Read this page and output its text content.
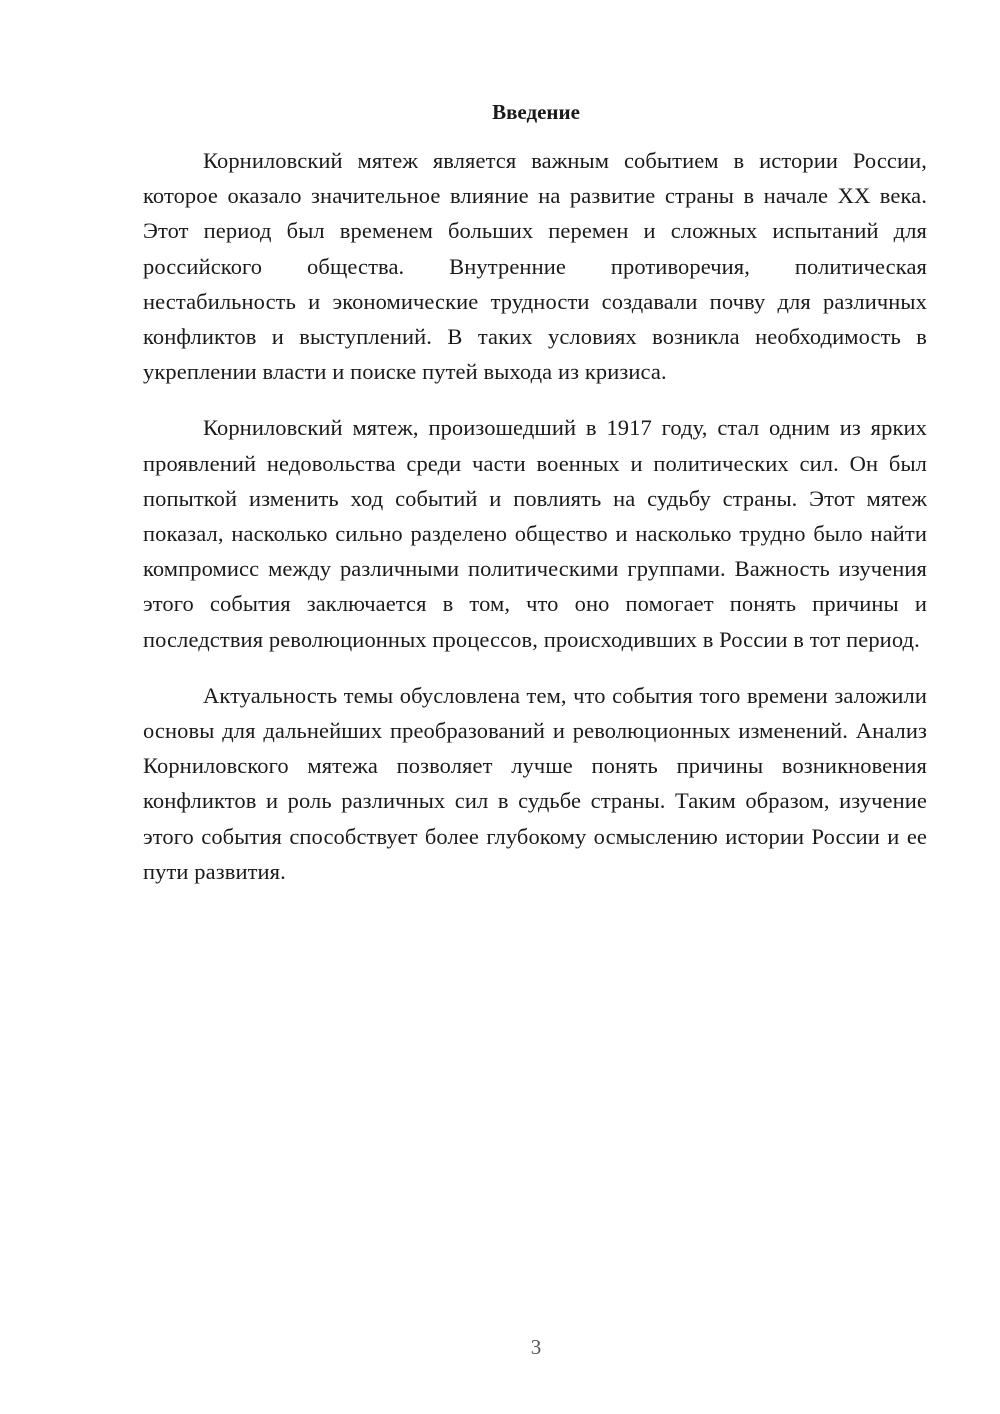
Введение

Корниловский мятеж является важным событием в истории России, которое оказало значительное влияние на развитие страны в начале XX века. Этот период был временем больших перемен и сложных испытаний для российского общества. Внутренние противоречия, политическая нестабильность и экономические трудности создавали почву для различных конфликтов и выступлений. В таких условиях возникла необходимость в укреплении власти и поиске путей выхода из кризиса.

Корниловский мятеж, произошедший в 1917 году, стал одним из ярких проявлений недовольства среди части военных и политических сил. Он был попыткой изменить ход событий и повлиять на судьбу страны. Этот мятеж показал, насколько сильно разделено общество и насколько трудно было найти компромисс между различными политическими группами. Важность изучения этого события заключается в том, что оно помогает понять причины и последствия революционных процессов, происходивших в России в тот период.

Актуальность темы обусловлена тем, что события того времени заложили основы для дальнейших преобразований и революционных изменений. Анализ Корниловского мятежа позволяет лучше понять причины возникновения конфликтов и роль различных сил в судьбе страны. Таким образом, изучение этого события способствует более глубокому осмыслению истории России и ее пути развития.

3
